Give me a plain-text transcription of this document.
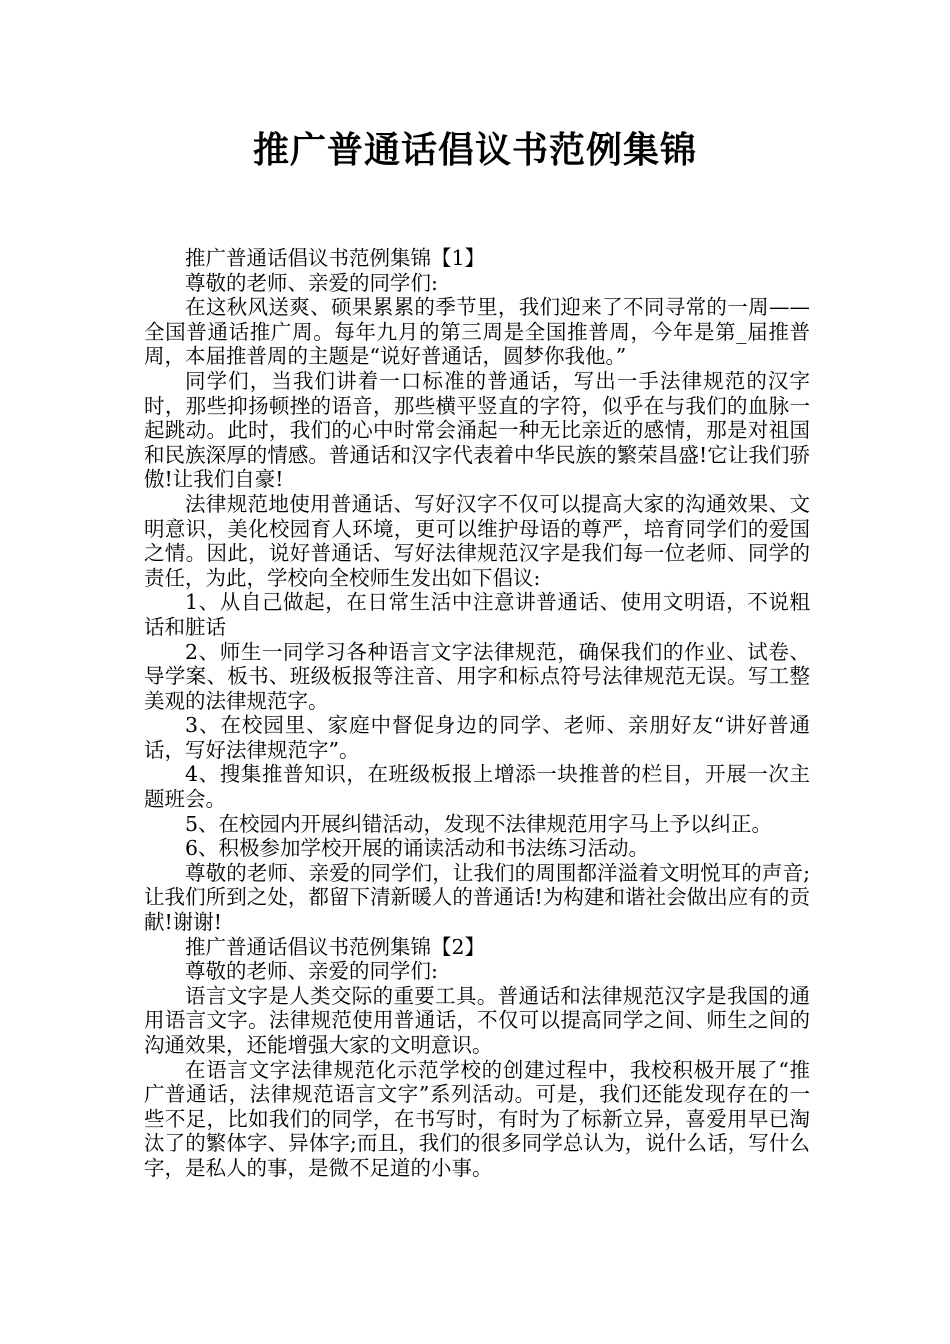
推广普通话倡议书范例集锦

推广普通话倡议书范例集锦【1】

尊敬的老师、亲爱的同学们:

在这秋风送爽、硕果累累的季节里，我们迎来了不同寻常的一周——全国普通话推广周。每年九月的第三周是全国推普周，今年是第_届推普周，本届推普周的主题是“说好普通话，圆梦你我他。”

同学们，当我们讲着一口标准的普通话，写出一手法律规范的汉字时，那些抑扬顿挫的语音，那些横平竖直的字符，似乎在与我们的血脉一起跳动。此时，我们的心中时常会涌起一种无比亲近的感情，那是对祖国和民族深厚的情感。普通话和汉字代表着中华民族的繁荣昌盛!它让我们骄傲!让我们自豪!

法律规范地使用普通话、写好汉字不仅可以提高大家的沟通效果、文明意识，美化校园育人环境，更可以维护母语的尊严，培育同学们的爱国之情。因此，说好普通话、写好法律规范汉字是我们每一位老师、同学的责任，为此，学校向全校师生发出如下倡议:

1、从自己做起，在日常生活中注意讲普通话、使用文明语，不说粗话和脏话

2、师生一同学习各种语言文字法律规范，确保我们的作业、试卷、导学案、板书、班级板报等注音、用字和标点符号法律规范无误。写工整美观的法律规范字。

3、在校园里、家庭中督促身边的同学、老师、亲朋好友“讲好普通话，写好法律规范字”。

4、搜集推普知识，在班级板报上增添一块推普的栏目，开展一次主题班会。

5、在校园内开展纠错活动，发现不法律规范用字马上予以纠正。

6、积极参加学校开展的诵读活动和书法练习活动。

尊敬的老师、亲爱的同学们，让我们的周围都洋溢着文明悦耳的声音;让我们所到之处，都留下清新暖人的普通话!为构建和谐社会做出应有的贡献!谢谢!

推广普通话倡议书范例集锦【2】

尊敬的老师、亲爱的同学们:

语言文字是人类交际的重要工具。普通话和法律规范汉字是我国的通用语言文字。法律规范使用普通话，不仅可以提高同学之间、师生之间的沟通效果，还能增强大家的文明意识。

在语言文字法律规范化示范学校的创建过程中，我校积极开展了“推广普通话，法律规范语言文字”系列活动。可是，我们还能发现存在的一些不足，比如我们的同学，在书写时，有时为了标新立异，喜爱用早已淘汰了的繁体字、异体字;而且，我们的很多同学总认为，说什么话，写什么字，是私人的事，是微不足道的小事。
